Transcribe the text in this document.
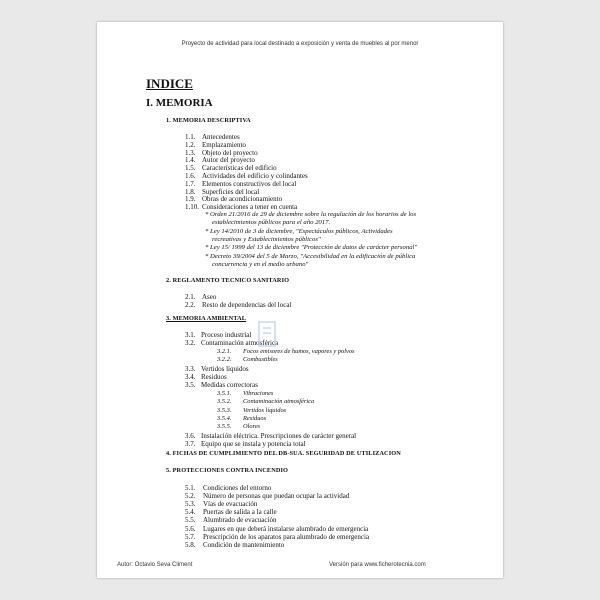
Proyecto de actividad para local destinado a exposición y venta de muebles al por menor
INDICE
I. MEMORIA
1. MEMORIA DESCRIPTIVA
1.1. Antecedentes
1.2. Emplazamiento
1.3. Objeto del proyecto
1.4. Autor del proyecto
1.5. Características del edificio
1.6. Actividades del edificio y colindantes
1.7. Elementos constructivos del local
1.8. Superficies del local
1.9. Obras de acondicionamiento
1.10. Consideraciones a tener en cuenta
* Orden 21/2016 de 29 de diciembre sobre la regulación de los horarios de los
establecimientos públicos para el año 2017.
* Ley 14/2010 de 3 de diciembre, "Espectáculos públicos, Actividades
recreativas y Establecimientos públicos"
* Ley 15/ 1999 del 13 de diciembre "Protección de datos de carácter personal"
* Decreto 39/2004 del 5 de Marzo, "Accesibilidad en la edificación de pública
concurrencia y en el medio urbano"
2. REGLAMENTO TECNICO SANITARIO
2.1. Aseo
2.2. Resto de dependencias del local
3. MEMORIA AMBIENTAL
3.1. Proceso industrial
3.2. Contaminación atmosférica
3.2.1. Focos emisores de humos, vapores y polvos
3.2.2. Combustibles
3.3. Vertidos líquidos
3.4. Residuos
3.5. Medidas correctoras
3.5.1. Vibraciones
3.5.2. Contaminación atmosférica
3.5.3. Vertidos líquidos
3.5.4. Residuos
3.5.5. Olores
3.6. Instalación eléctrica. Prescripciones de carácter general
3.7. Equipo que se instala y potencia total
4. FICHAS DE CUMPLIMIENTO DEL DB-SUA. SEGURIDAD DE UTILIZACION
5. PROTECCIONES CONTRA INCENDIO
5.1. Condiciones del entorno
5.2. Número de personas que puedan ocupar la actividad
5.3. Vías de evacuación
5.4. Puertas de salida a la calle
5.5. Alumbrado de evacuación
5.6. Lugares en que deberá instalarse alumbrado de emergencia
5.7. Prescripción de los aparatos para alumbrado de emergencia
5.8. Condición de mantenimiento
Autor: Octavio Seva Climent	Versión para www.ficherotecnia.com
